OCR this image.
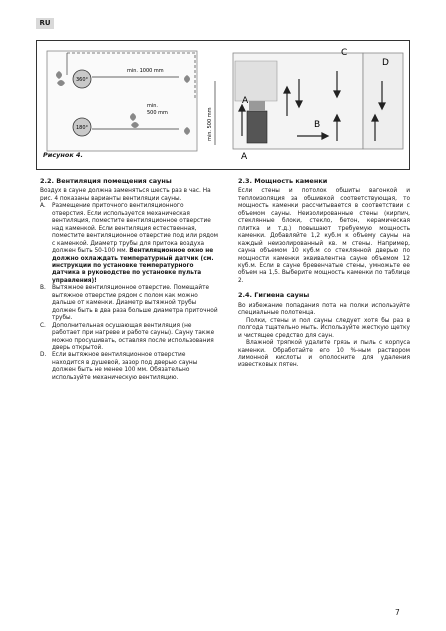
RU
360°
180°
min. 1000 mm
min.
500 mm	min. 500 mm
A
A
B
C
D
Рисунок 4.
2.2. Вентиляция помещения сауны

Воздух в сауне должна заменяться шесть раз в час. На рис. 4 показаны варианты вентиляции сауны.

A.	Размещение приточного вентиляционного отверстия. Если используется механическая вентиляция, поместите вентиляционное отверстие над каменкой. Если вентиляция естественная, поместите вентиляционное отверстие под или рядом с каменкой. Диаметр трубы для притока воздуха должен быть 50-100 мм. Вентиляционное окно не должно охлаждать температурный датчик (см. инструкции по установке температурного датчика в руководстве по установке пульта управления)!
B.	Вытяжное вентиляционное отверстие. Помещайте вытяжное отверстие рядом с полом как можно дальше от каменки. Диаметр вытяжной трубы должен быть в два раза больше диаметра приточной трубы.
C.	Дополнительная осушающая вентиляция (не работает при нагреве и работе сауны). Сауну также можно просушивать, оставляя после использования дверь открытой.
D. Если вытяжное вентиляционное отверстие находится в душевой, зазор под дверью сауны должен быть не менее 100 мм. Обязательно используйте механическую вентиляцию.
2.3. Мощность каменки

Если стены и потолок обшиты вагонкой и теплоизоляция за обшивкой соответствующая, то мощность каменки рассчитывается в соответствии с объемом сауны. Неизолированные стены (кирпич, стеклянные блоки, стекло, бетон, керамическая плитка и т.д.) повышают требуемую мощность каменки. Добавляйте 1,2 куб.м к объему сауны на каждый неизолированный кв. м стены. Например, сауна объемом 10 куб.м со стеклянной дверью по мощности каменки эквивалентна сауне объемом 12 куб.м. Если в сауне бревенчатые стены, умножьте ее объем на 1,5. Выберите мощность каменки по таблице 2.

2.4. Гигиена сауны

Во избежание попадания пота на полки используйте специальные полотенца.

Полки, стены и пол сауны следует хотя бы раз в полгода тщательно мыть. Используйте жесткую щетку и чистящее средство для саун.

Влажной тряпкой удалите грязь и пыль с корпуса каменки. Обработайте его 10 %-ным раствором лимонной кислоты и ополосните для удаления известковых пятен.

7
